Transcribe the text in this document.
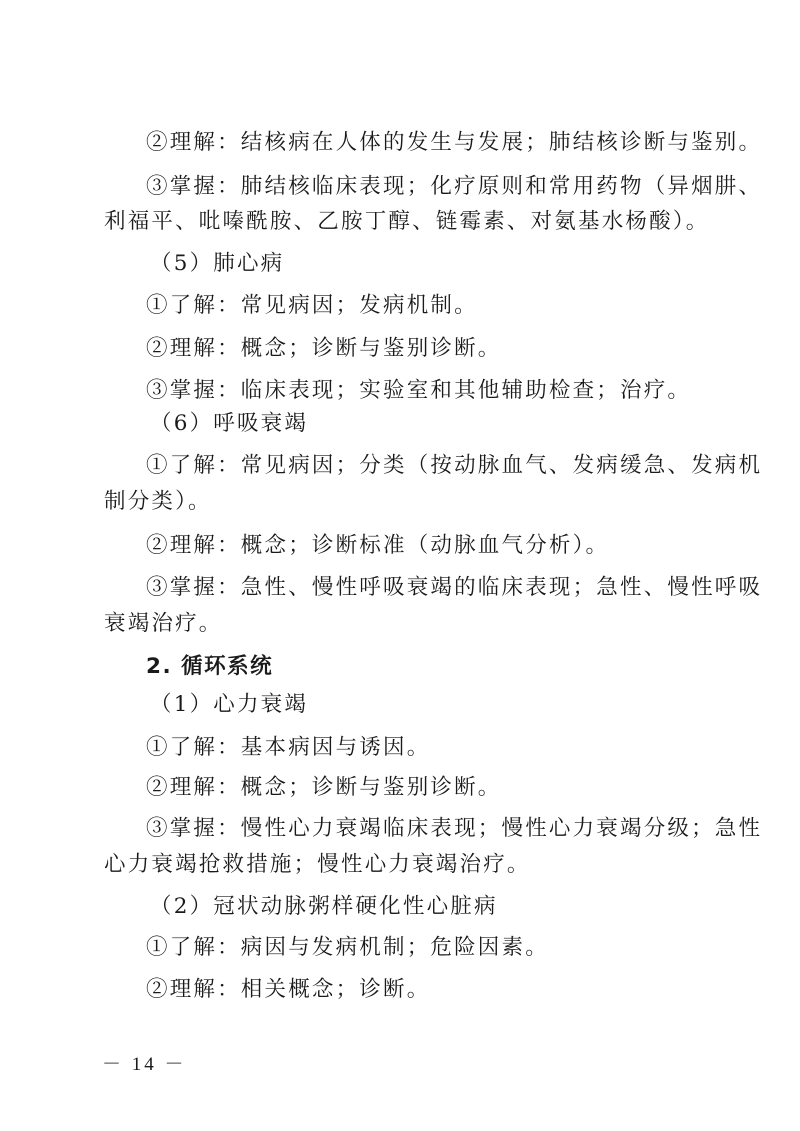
②理解：结核病在人体的发生与发展；肺结核诊断与鉴别。
③掌握：肺结核临床表现；化疗原则和常用药物（异烟肼、
利福平、吡嗪酰胺、乙胺丁醇、链霉素、对氨基水杨酸）。
（5）肺心病
①了解：常见病因；发病机制。
②理解：概念；诊断与鉴别诊断。
③掌握：临床表现；实验室和其他辅助检查；治疗。
（6）呼吸衰竭
①了解：常见病因；分类（按动脉血气、发病缓急、发病机
制分类）。
②理解：概念；诊断标准（动脉血气分析）。
③掌握：急性、慢性呼吸衰竭的临床表现；急性、慢性呼吸
衰竭治疗。
2. 循环系统
（1）心力衰竭
①了解：基本病因与诱因。
②理解：概念；诊断与鉴别诊断。
③掌握：慢性心力衰竭临床表现；慢性心力衰竭分级；急性
心力衰竭抢救措施；慢性心力衰竭治疗。
（2）冠状动脉粥样硬化性心脏病
①了解：病因与发病机制；危险因素。
②理解：相关概念；诊断。
－ 14 －
